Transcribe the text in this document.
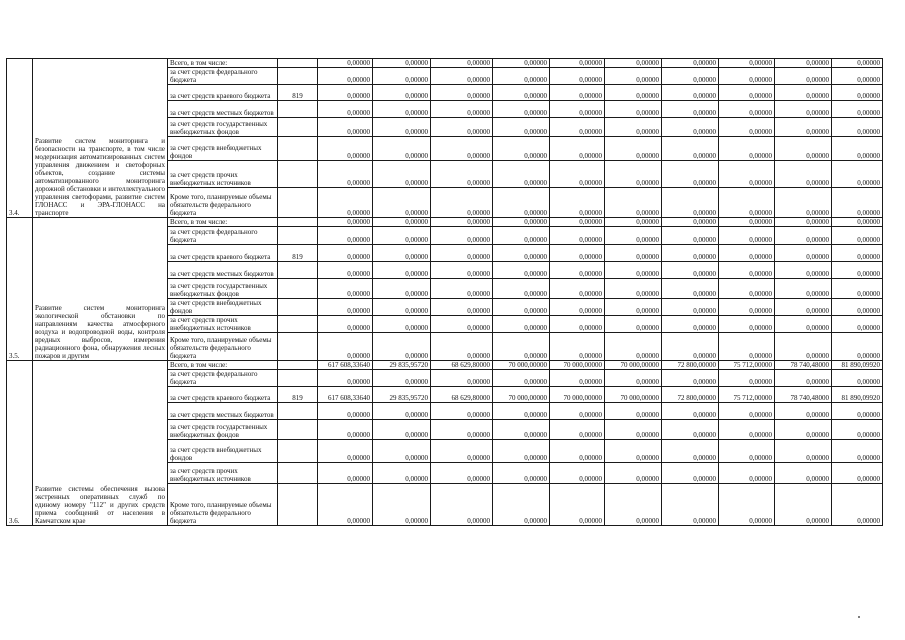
3.4.	Развитие систем мониторинга и безопасности на транспорте, в том числе модернизация автоматизированных систем управления движением и светофорных объектов, создание системы автоматизированного мониторинга дорожной обстановки и интеллектуального управления светофорами, развитие систем ГЛОНАСС и ЭРА-ГЛОНАСС на транспорте	Всего, в том числе:		0,00000	0,00000	0,00000	0,00000	0,00000	0,00000	0,00000	0,00000	0,00000	0,00000
		за счет средств федерального бюджета		0,00000	0,00000	0,00000	0,00000	0,00000	0,00000	0,00000	0,00000	0,00000	0,00000
		за счет средств краевого бюджета	819	0,00000	0,00000	0,00000	0,00000	0,00000	0,00000	0,00000	0,00000	0,00000	0,00000
		за счет средств местных бюджетов		0,00000	0,00000	0,00000	0,00000	0,00000	0,00000	0,00000	0,00000	0,00000	0,00000
		за счет средств государственных внебюджетных фондов		0,00000	0,00000	0,00000	0,00000	0,00000	0,00000	0,00000	0,00000	0,00000	0,00000
		за счет средств внебюджетных фондов		0,00000	0,00000	0,00000	0,00000	0,00000	0,00000	0,00000	0,00000	0,00000	0,00000
		за счет средств прочих внебюджетных источников		0,00000	0,00000	0,00000	0,00000	0,00000	0,00000	0,00000	0,00000	0,00000	0,00000
		Кроме того, планируемые объемы обязательств федерального бюджета		0,00000	0,00000	0,00000	0,00000	0,00000	0,00000	0,00000	0,00000	0,00000	0,00000
3.5.	Развитие систем мониторинга экологической обстановки по направлениям качества атмосферного воздуха и водопроводной воды, контроля вредных выбросов, измерения радиационного фона, обнаружения лесных пожаров и другим	Всего, в том числе:		0,00000	0,00000	0,00000	0,00000	0,00000	0,00000	0,00000	0,00000	0,00000	0,00000
		за счет средств федерального бюджета		0,00000	0,00000	0,00000	0,00000	0,00000	0,00000	0,00000	0,00000	0,00000	0,00000
		за счет средств краевого бюджета	819	0,00000	0,00000	0,00000	0,00000	0,00000	0,00000	0,00000	0,00000	0,00000	0,00000
		за счет средств местных бюджетов		0,00000	0,00000	0,00000	0,00000	0,00000	0,00000	0,00000	0,00000	0,00000	0,00000
		за счет средств государственных внебюджетных фондов		0,00000	0,00000	0,00000	0,00000	0,00000	0,00000	0,00000	0,00000	0,00000	0,00000
		за счет средств внебюджетных фондов		0,00000	0,00000	0,00000	0,00000	0,00000	0,00000	0,00000	0,00000	0,00000	0,00000
		за счет средств прочих внебюджетных источников		0,00000	0,00000	0,00000	0,00000	0,00000	0,00000	0,00000	0,00000	0,00000	0,00000
		Кроме того, планируемые объемы обязательств федерального бюджета		0,00000	0,00000	0,00000	0,00000	0,00000	0,00000	0,00000	0,00000	0,00000	0,00000
3.6.	Развитие системы обеспечения вызова экстренных оперативных служб по единому номеру "112" и других средств приема сообщений от населения в Камчатском крае	Всего, в том числе:		617 608,33640	29 835,95720	68 629,80000	70 000,00000	70 000,00000	70 000,00000	72 800,00000	75 712,00000	78 740,48000	81 890,09920
		за счет средств федерального бюджета		0,00000	0,00000	0,00000	0,00000	0,00000	0,00000	0,00000	0,00000	0,00000	0,00000
		за счет средств краевого бюджета	819	617 608,33640	29 835,95720	68 629,80000	70 000,00000	70 000,00000	70 000,00000	72 800,00000	75 712,00000	78 740,48000	81 890,09920
		за счет средств местных бюджетов		0,00000	0,00000	0,00000	0,00000	0,00000	0,00000	0,00000	0,00000	0,00000	0,00000
		за счет средств государственных внебюджетных фондов		0,00000	0,00000	0,00000	0,00000	0,00000	0,00000	0,00000	0,00000	0,00000	0,00000
		за счет средств внебюджетных фондов		0,00000	0,00000	0,00000	0,00000	0,00000	0,00000	0,00000	0,00000	0,00000	0,00000
		за счет средств прочих внебюджетных источников		0,00000	0,00000	0,00000	0,00000	0,00000	0,00000	0,00000	0,00000	0,00000	0,00000
		Кроме того, планируемые объемы обязательств федерального бюджета		0,00000	0,00000	0,00000	0,00000	0,00000	0,00000	0,00000	0,00000	0,00000	0,00000
